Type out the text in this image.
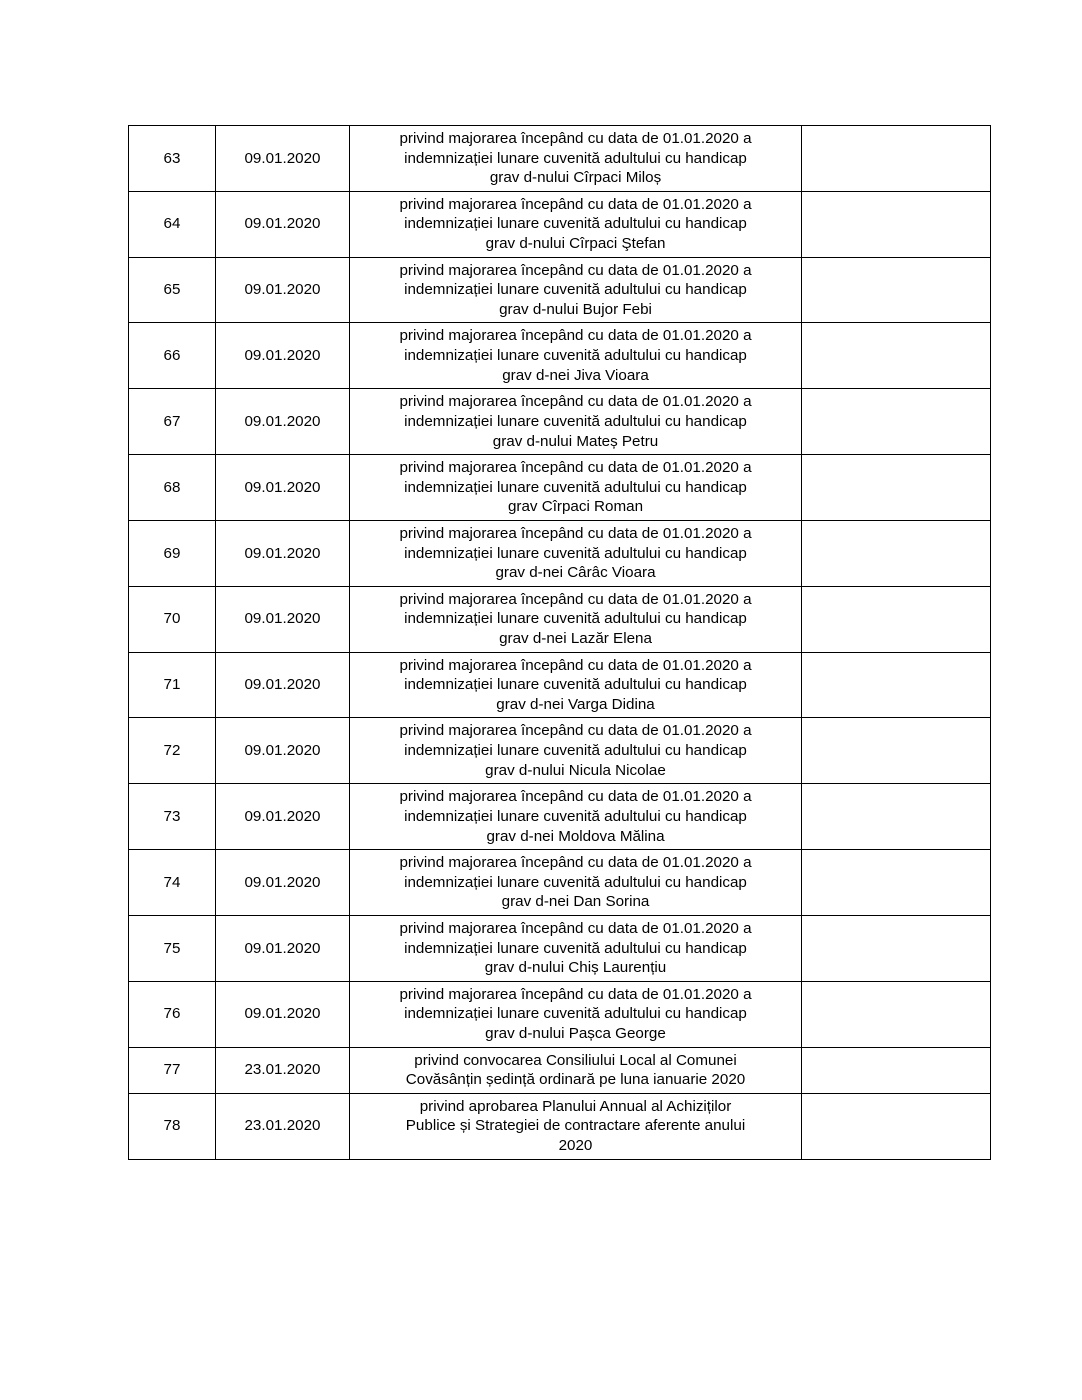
63	09.01.2020	privind majorarea începând cu data de 01.01.2020 a
indemnizației lunare cuvenită adultului cu handicap
grav d-nului Cîrpaci Miloș	

64	09.01.2020	privind majorarea începând cu data de 01.01.2020 a
indemnizației lunare cuvenită adultului cu handicap
grav d-nului Cîrpaci Ştefan	

65	09.01.2020	privind majorarea începând cu data de 01.01.2020 a
indemnizației lunare cuvenită adultului cu handicap
grav d-nului Bujor Febi	

66	09.01.2020	privind majorarea începând cu data de 01.01.2020 a
indemnizației lunare cuvenită adultului cu handicap
grav d-nei Jiva Vioara	

67	09.01.2020	privind majorarea începând cu data de 01.01.2020 a
indemnizației lunare cuvenită adultului cu handicap
grav d-nului Mateș Petru	

68	09.01.2020	privind majorarea începând cu data de 01.01.2020 a
indemnizației lunare cuvenită adultului cu handicap
grav Cîrpaci Roman	

69	09.01.2020	privind majorarea începând cu data de 01.01.2020 a
indemnizației lunare cuvenită adultului cu handicap
grav d-nei Cârâc Vioara	

70	09.01.2020	privind majorarea începând cu data de 01.01.2020 a
indemnizației lunare cuvenită adultului cu handicap
grav d-nei Lazăr Elena	

71	09.01.2020	privind majorarea începând cu data de 01.01.2020 a
indemnizației lunare cuvenită adultului cu handicap
grav d-nei Varga Didina	

72	09.01.2020	privind majorarea începând cu data de 01.01.2020 a
indemnizației lunare cuvenită adultului cu handicap
grav d-nului Nicula Nicolae	

73	09.01.2020	privind majorarea începând cu data de 01.01.2020 a
indemnizației lunare cuvenită adultului cu handicap
grav d-nei Moldova Mălina	

74	09.01.2020	privind majorarea începând cu data de 01.01.2020 a
indemnizației lunare cuvenită adultului cu handicap
grav d-nei Dan Sorina	

75	09.01.2020	privind majorarea începând cu data de 01.01.2020 a
indemnizației lunare cuvenită adultului cu handicap
grav d-nului Chiș Laurențiu	

76	09.01.2020	privind majorarea începând cu data de 01.01.2020 a
indemnizației lunare cuvenită adultului cu handicap
grav d-nului Pașca George	

77	23.01.2020	privind convocarea Consiliului Local al Comunei
Covăsânțin ședință ordinară pe luna ianuarie 2020	

78	23.01.2020	privind aprobarea Planului Annual al Achiziților
Publice și Strategiei de contractare aferente anului
2020	
